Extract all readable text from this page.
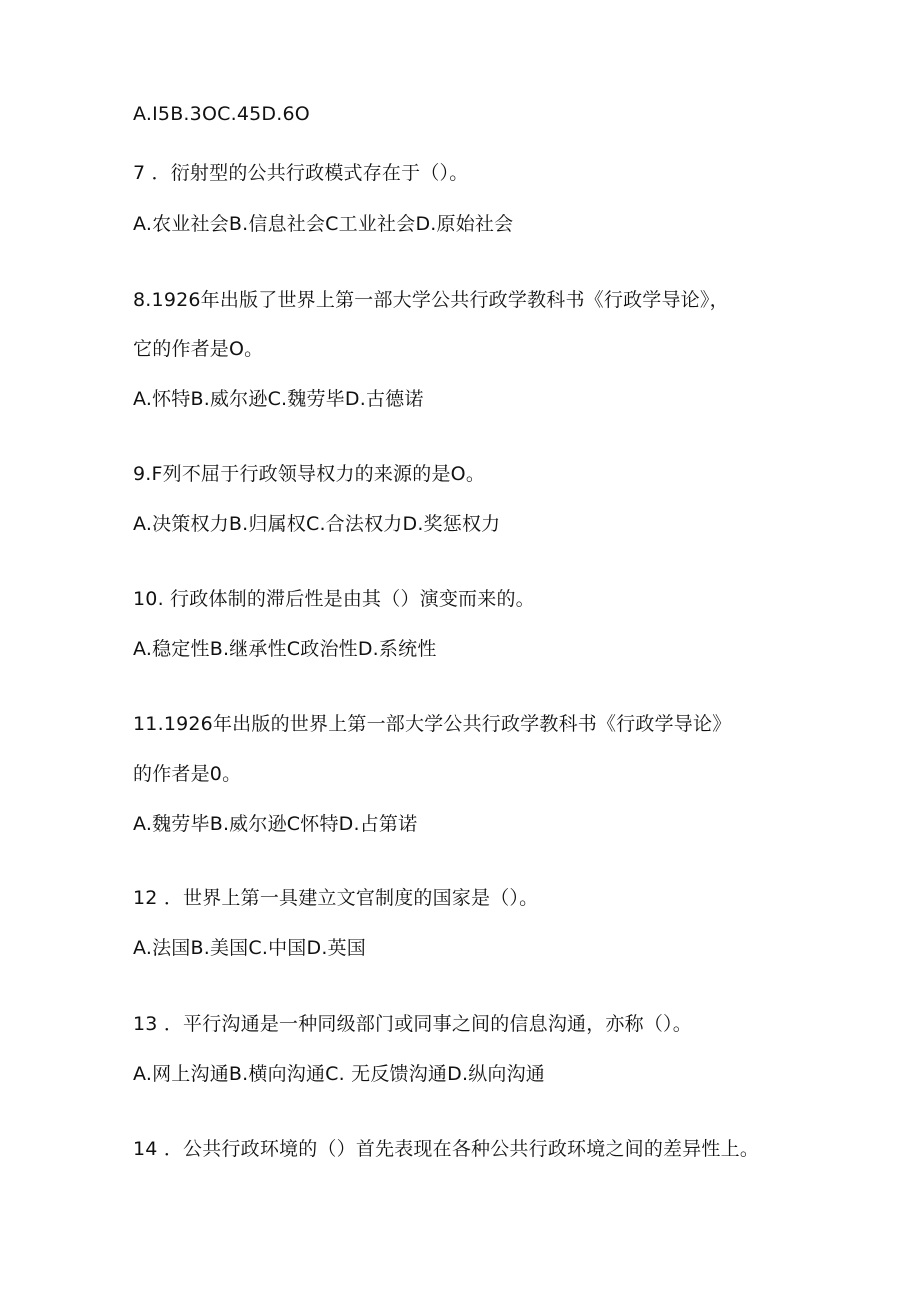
A.I5B.3OC.45D.6O
7 ．衍射型的公共行政模式存在于（）。
A.农业社会B.信息社会C工业社会D.原始社会
8.1926年出版了世界上第一部大学公共行政学教科书《行政学导论》，
它的作者是O。
A.怀特B.威尔逊C.魏劳毕D.古德诺
9.F列不屈于行政领导权力的来源的是O。
A.决策权力B.归属权C.合法权力D.奖惩权力
10. 行政体制的滞后性是由其（）演变而来的。
A.稳定性B.继承性C政治性D.系统性
11.1926年出版的世界上第一部大学公共行政学教科书《行政学导论》
的作者是0。
A.魏劳毕B.威尔逊C怀特D.占第诺
12 ．世界上第一具建立文官制度的国家是（）。
A.法国B.美国C.中国D.英国
13 ．平行沟通是一种同级部门或同事之间的信息沟通，亦称（）。
A.网上沟通B.横向沟通C. 无反馈沟通D.纵向沟通
14 ．公共行政环境的（）首先表现在各种公共行政环境之间的差异性上。
